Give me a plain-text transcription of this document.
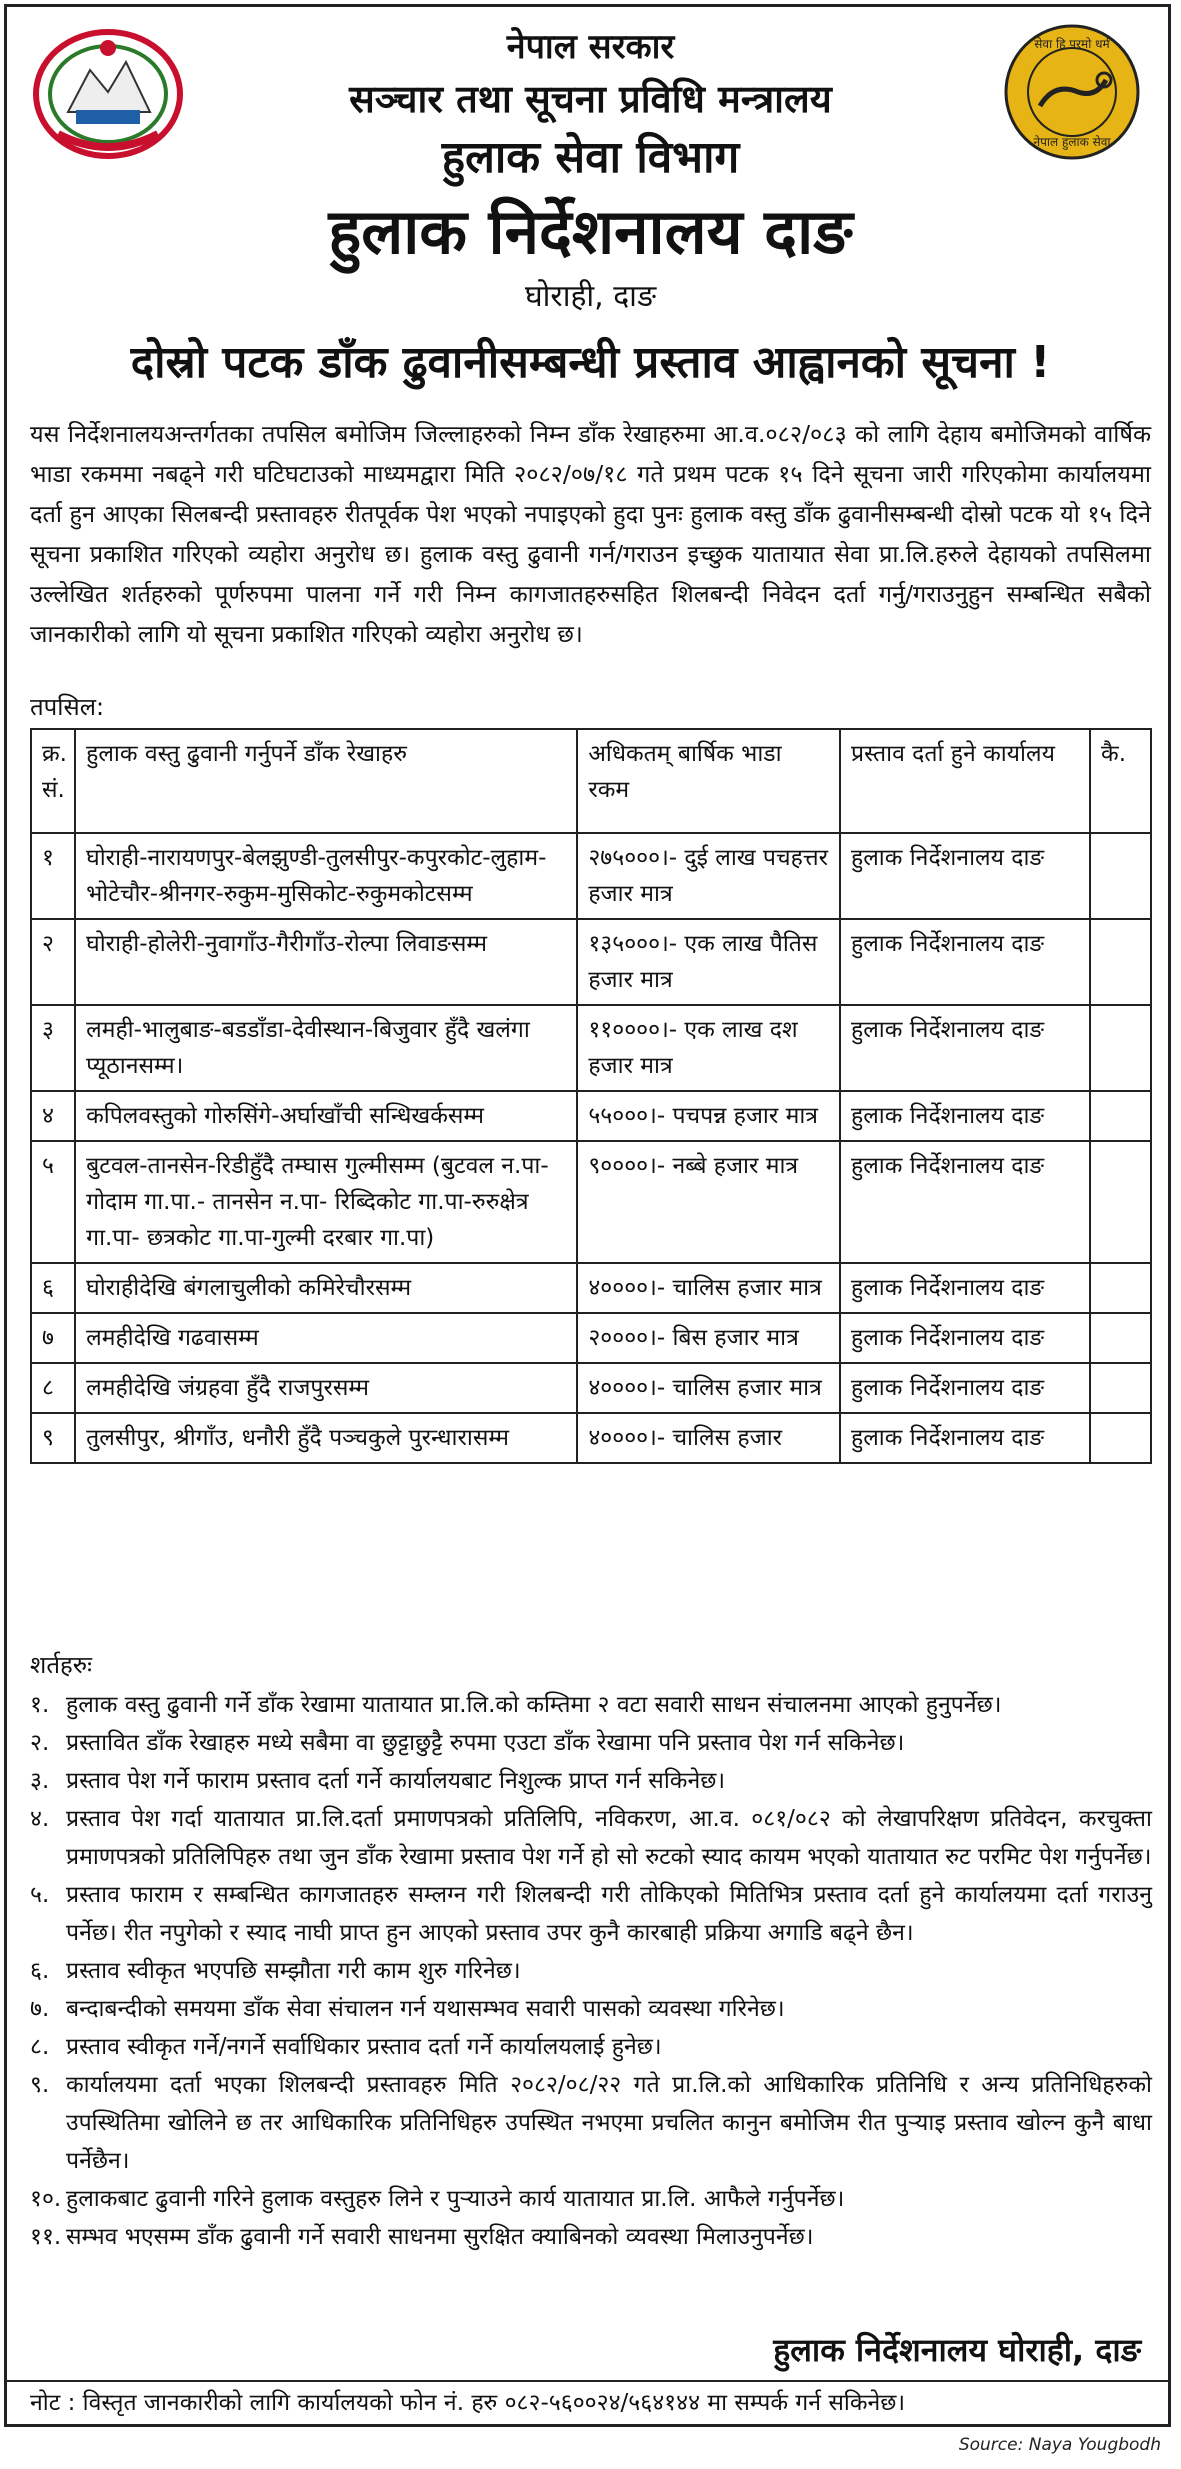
सेवा हि परमो धर्म
नेपाल हुलाक सेवा
नेपाल सरकार
सञ्चार तथा सूचना प्रविधि मन्त्रालय
हुलाक सेवा विभाग
हुलाक निर्देशनालय दाङ
घोराही, दाङ
दोस्रो पटक डाँक ढुवानीसम्बन्धी प्रस्ताव आह्वानको सूचना !
यस निर्देशनालयअन्तर्गतका तपसिल बमोजिम जिल्लाहरुको निम्न डाँक रेखाहरुमा आ.व.०८२/०८३ को लागि देहाय बमोजिमको वार्षिक भाडा रकममा नबढ्ने गरी घटिघटाउको माध्यमद्वारा मिति २०८२/०७/१८ गते प्रथम पटक १५ दिने सूचना जारी गरिएकोमा कार्यालयमा दर्ता हुन आएका सिलबन्दी प्रस्तावहरु रीतपूर्वक पेश भएको नपाइएको हुदा पुनः हुलाक वस्तु डाँक ढुवानीसम्बन्धी दोस्रो पटक यो १५ दिने सूचना प्रकाशित गरिएको व्यहोरा अनुरोध छ। हुलाक वस्तु ढुवानी गर्न/गराउन इच्छुक यातायात सेवा प्रा.लि.हरुले देहायको तपसिलमा उल्लेखित शर्तहरुको पूर्णरुपमा पालना गर्ने गरी निम्न कागजातहरुसहित शिलबन्दी निवेदन दर्ता गर्नु/गराउनुहुन सम्बन्धित सबैको जानकारीको लागि यो सूचना प्रकाशित गरिएको व्यहोरा अनुरोध छ।
तपसिल:
क्र. सं.	हुलाक वस्तु ढुवानी गर्नुपर्ने डाँक रेखाहरु	अधिकतम् बार्षिक भाडा रकम	प्रस्ताव दर्ता हुने कार्यालय	कै.
१	घोराही-नारायणपुर-बेलझुण्डी-तुलसीपुर-कपुरकोट-लुहाम-भोटेचौर-श्रीनगर-रुकुम-मुसिकोट-रुकुमकोटसम्म	२७५०००।- दुई लाख पचहत्तर हजार मात्र	हुलाक निर्देशनालय दाङ	
२	घोराही-होलेरी-नुवागाँउ-गैरीगाँउ-रोल्पा लिवाङसम्म	१३५०००।- एक लाख पैतिस हजार मात्र	हुलाक निर्देशनालय दाङ	
३	लमही-भालुबाङ-बडडाँडा-देवीस्थान-बिजुवार हुँदै खलंगा प्यूठानसम्म।	११००००।- एक लाख दश हजार मात्र	हुलाक निर्देशनालय दाङ	
४	कपिलवस्तुको गोरुसिंगे-अर्घाखाँची सन्धिखर्कसम्म	५५०००।- पचपन्न हजार मात्र	हुलाक निर्देशनालय दाङ	
५	बुटवल-तानसेन-रिडीहुँदै तम्घास गुल्मीसम्म (बुटवल न.पा-गोदाम गा.पा.- तानसेन न.पा- रिब्दिकोट गा.पा-रुरुक्षेत्र गा.पा- छत्रकोट गा.पा-गुल्मी दरबार गा.पा)	९००००।- नब्बे हजार मात्र	हुलाक निर्देशनालय दाङ	
६	घोराहीदेखि बंगलाचुलीको कमिरेचौरसम्म	४००००।- चालिस हजार मात्र	हुलाक निर्देशनालय दाङ	
७	लमहीदेखि गढवासम्म	२००००।- बिस हजार मात्र	हुलाक निर्देशनालय दाङ	
८	लमहीदेखि जंग्रहवा हुँदै राजपुरसम्म	४००००।- चालिस हजार मात्र	हुलाक निर्देशनालय दाङ	
९	तुलसीपुर, श्रीगाँउ, धनौरी हुँदै पञ्चकुले पुरन्धारासम्म	४००००।- चालिस हजार	हुलाक निर्देशनालय दाङ	
शर्तहरुः
१. हुलाक वस्तु ढुवानी गर्ने डाँक रेखामा यातायात प्रा.लि.को कम्तिमा २ वटा सवारी साधन संचालनमा आएको हुनुपर्नेछ।
२. प्रस्तावित डाँक रेखाहरु मध्ये सबैमा वा छुट्टाछुट्टै रुपमा एउटा डाँक रेखामा पनि प्रस्ताव पेश गर्न सकिनेछ।
३. प्रस्ताव पेश गर्ने फाराम प्रस्ताव दर्ता गर्ने कार्यालयबाट निशुल्क प्राप्त गर्न सकिनेछ।
४. प्रस्ताव पेश गर्दा यातायात प्रा.लि.दर्ता प्रमाणपत्रको प्रतिलिपि, नविकरण, आ.व. ०८१/०८२ को लेखापरिक्षण प्रतिवेदन, करचुक्ता प्रमाणपत्रको प्रतिलिपिहरु तथा जुन डाँक रेखामा प्रस्ताव पेश गर्ने हो सो रुटको स्याद कायम भएको यातायात रुट परमिट पेश गर्नुपर्नेछ।
५. प्रस्ताव फाराम र सम्बन्धित कागजातहरु सम्लग्न गरी शिलबन्दी गरी तोकिएको मितिभित्र प्रस्ताव दर्ता हुने कार्यालयमा दर्ता गराउनु पर्नेछ। रीत नपुगेको र स्याद नाघी प्राप्त हुन आएको प्रस्ताव उपर कुनै कारबाही प्रक्रिया अगाडि बढ्ने छैन।
६. प्रस्ताव स्वीकृत भएपछि सम्झौता गरी काम शुरु गरिनेछ।
७. बन्दाबन्दीको समयमा डाँक सेवा संचालन गर्न यथासम्भव सवारी पासको व्यवस्था गरिनेछ।
८. प्रस्ताव स्वीकृत गर्ने/नगर्ने सर्वाधिकार प्रस्ताव दर्ता गर्ने कार्यालयलाई हुनेछ।
९. कार्यालयमा दर्ता भएका शिलबन्दी प्रस्तावहरु मिति २०८२/०८/२२ गते प्रा.लि.को आधिकारिक प्रतिनिधि र अन्य प्रतिनिधिहरुको उपस्थितिमा खोलिने छ तर आधिकारिक प्रतिनिधिहरु उपस्थित नभएमा प्रचलित कानुन बमोजिम रीत पुर्‍याइ प्रस्ताव खोल्न कुनै बाधा पर्नेछैन।
१०. हुलाकबाट ढुवानी गरिने हुलाक वस्तुहरु लिने र पुर्‍याउने कार्य यातायात प्रा.लि. आफैले गर्नुपर्नेछ।
११. सम्भव भएसम्म डाँक ढुवानी गर्ने सवारी साधनमा सुरक्षित क्याबिनको व्यवस्था मिलाउनुपर्नेछ।
हुलाक निर्देशनालय घोराही, दाङ
नोट : विस्तृत जानकारीको लागि कार्यालयको फोन नं. हरु ०८२-५६००२४/५६४१४४ मा सम्पर्क गर्न सकिनेछ।
Source: Naya Yougbodh
